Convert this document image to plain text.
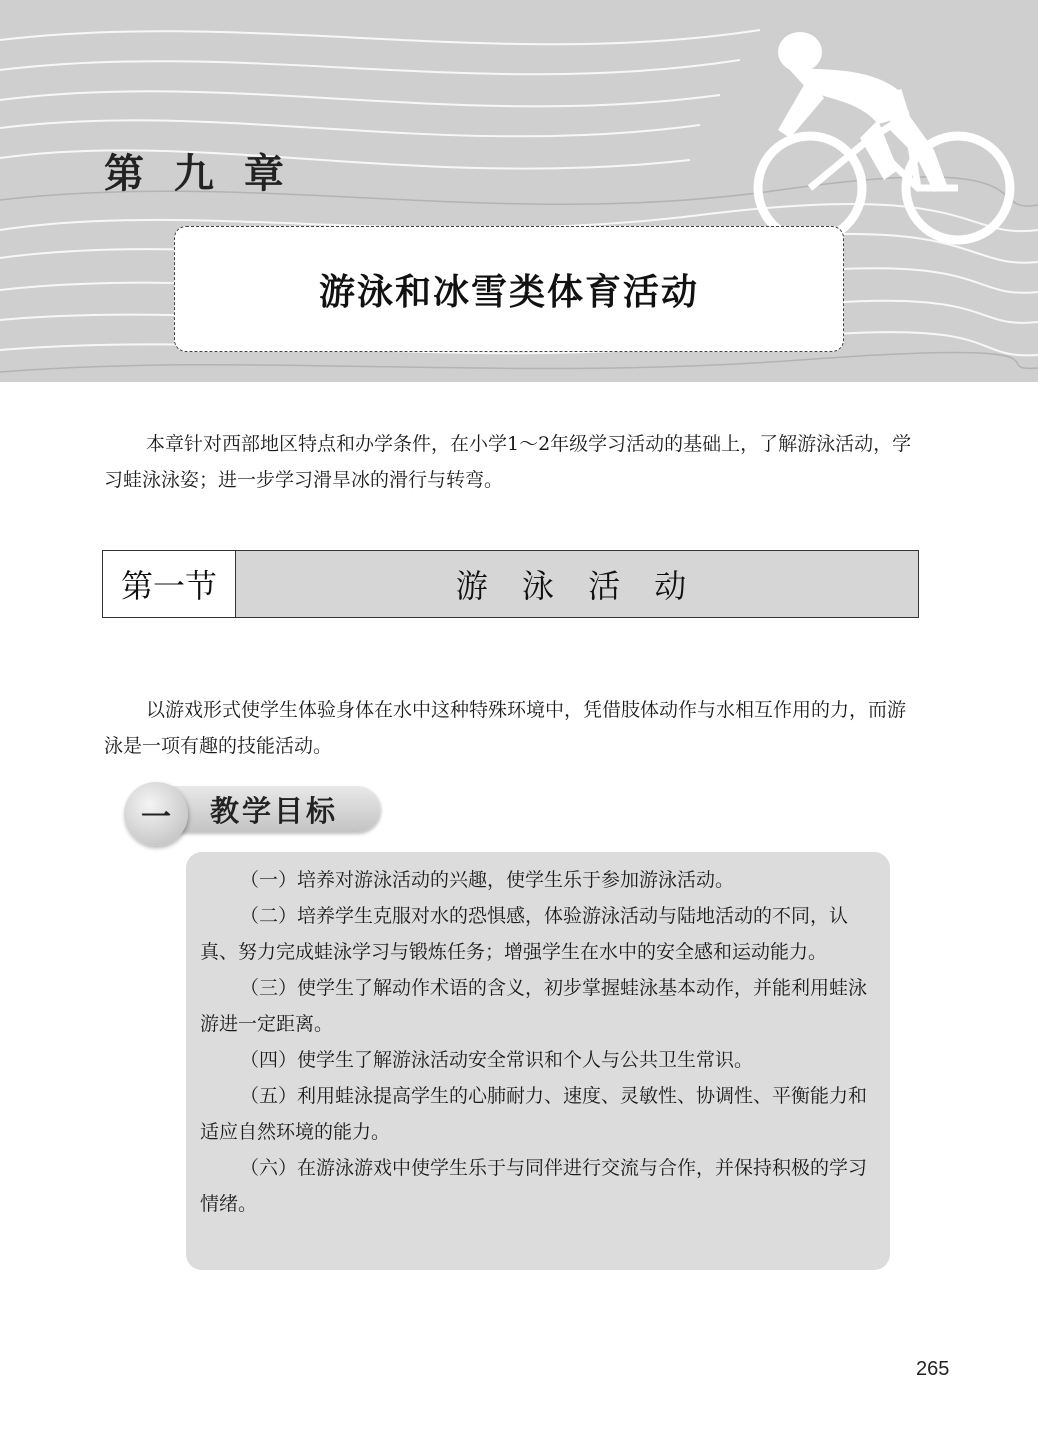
第 九 章
游泳和冰雪类体育活动

本章针对西部地区特点和办学条件，在小学1～2年级学习活动的基础上，了解游泳活动，学习蛙泳泳姿；进一步学习滑旱冰的滑行与转弯。

第一节	游 泳 活 动

以游戏形式使学生体验身体在水中这种特殊环境中，凭借肢体动作与水相互作用的力，而游泳是一项有趣的技能活动。

一	教学目标

（一）培养对游泳活动的兴趣，使学生乐于参加游泳活动。

（二）培养学生克服对水的恐惧感，体验游泳活动与陆地活动的不同，认真、努力完成蛙泳学习与锻炼任务；增强学生在水中的安全感和运动能力。

（三）使学生了解动作术语的含义，初步掌握蛙泳基本动作，并能利用蛙泳游进一定距离。

（四）使学生了解游泳活动安全常识和个人与公共卫生常识。

（五）利用蛙泳提高学生的心肺耐力、速度、灵敏性、协调性、平衡能力和适应自然环境的能力。

（六）在游泳游戏中使学生乐于与同伴进行交流与合作，并保持积极的学习情绪。

265
